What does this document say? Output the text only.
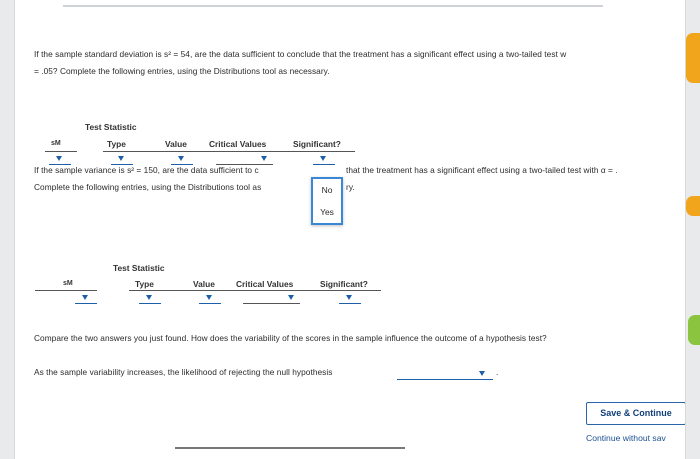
If the sample standard deviation is s² = 54, are the data sufficient to conclude that the treatment has a significant effect using a two-tailed test w
= .05? Complete the following entries, using the Distributions tool as necessary.
Test Statistic
sM	Type	Value	Critical Values	Significant?
If the sample variance is s² = 150, are the data sufficient to c	that the treatment has a significant effect using a two-tailed test with α = .
Complete the following entries, using the Distributions tool as	ry.
No
Yes
Test Statistic
sM	Type	Value	Critical Values	Significant?
Compare the two answers you just found. How does the variability of the scores in the sample influence the outcome of a hypothesis test?
As the sample variability increases, the likelihood of rejecting the null hypothesis	.
Save & Continue
Continue without sav
